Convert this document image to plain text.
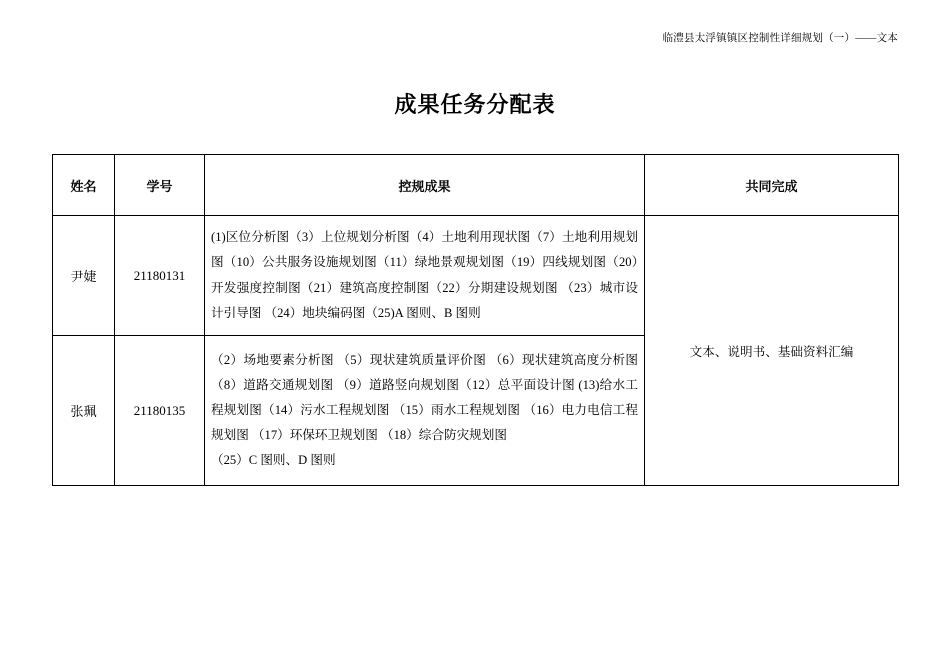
临澧县太浮镇镇区控制性详细规划（一）——文本
成果任务分配表
姓名	学号	控规成果	共同完成
尹婕	21180131	(1)区位分析图（3）上位规划分析图（4）土地利用现状图（7）土地利用规划图（10）公共服务设施规划图（11）绿地景观规划图（19）四线规划图（20）开发强度控制图（21）建筑高度控制图（22）分期建设规划图 （23）城市设计引导图 （24）地块编码图（25)A 图则、B 图则	文本、说明书、基础资料汇编
张珮	21180135	（2）场地要素分析图 （5）现状建筑质量评价图 （6）现状建筑高度分析图 （8）道路交通规划图 （9）道路竖向规划图（12）总平面设计图 (13)给水工程规划图（14）污水工程规划图 （15）雨水工程规划图 （16）电力电信工程规划图 （17）环保环卫规划图 （18）综合防灾规划图
（25）C 图则、D 图则	
